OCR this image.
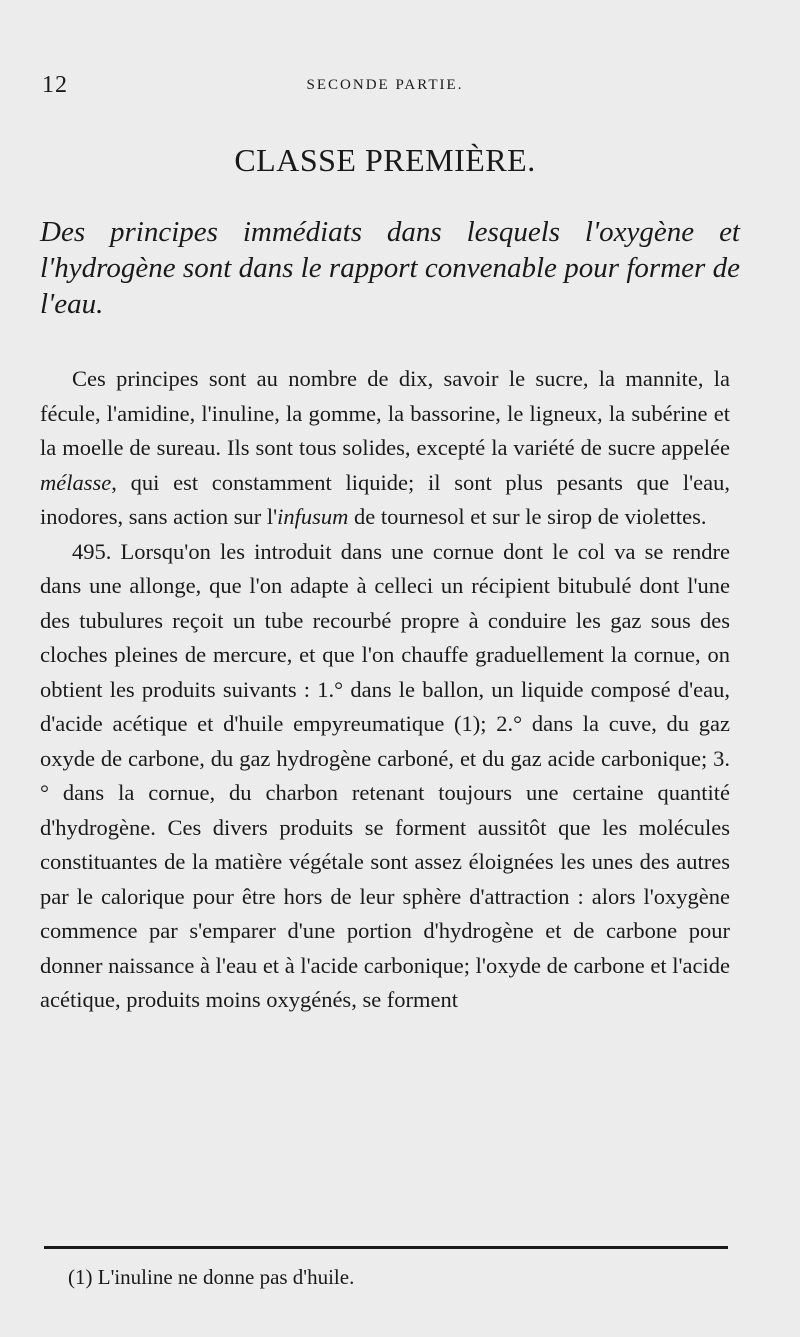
12	SECONDE PARTIE.
CLASSE PREMIÈRE.

Des principes immédiats dans lesquels l'oxygène et l'hydrogène sont dans le rapport convenable pour former de l'eau.

Ces principes sont au nombre de dix, savoir le sucre, la mannite, la fécule, l'amidine, l'inuline, la gomme, la bassorine, le ligneux, la subérine et la moelle de sureau. Ils sont tous solides, excepté la variété de sucre appelée mélasse, qui est constamment liquide; il sont plus pesants que l'eau, inodores, sans action sur l'infusum de tournesol et sur le sirop de violettes.

495. Lorsqu'on les introduit dans une cornue dont le col va se rendre dans une allonge, que l'on adapte à celleci un récipient bitubulé dont l'une des tubulures reçoit un tube recourbé propre à conduire les gaz sous des cloches pleines de mercure, et que l'on chauffe graduellement la cornue, on obtient les produits suivants : 1.° dans le ballon, un liquide composé d'eau, d'acide acétique et d'huile empyreumatique (1); 2.° dans la cuve, du gaz oxyde de carbone, du gaz hydrogène carboné, et du gaz acide carbonique; 3.° dans la cornue, du charbon retenant toujours une certaine quantité d'hydrogène. Ces divers produits se forment aussitôt que les molécules constituantes de la matière végétale sont assez éloignées les unes des autres par le calorique pour être hors de leur sphère d'attraction : alors l'oxygène commence par s'emparer d'une portion d'hydrogène et de carbone pour donner naissance à l'eau et à l'acide carbonique; l'oxyde de carbone et l'acide acétique, produits moins oxygénés, se forment

(1) L'inuline ne donne pas d'huile.
